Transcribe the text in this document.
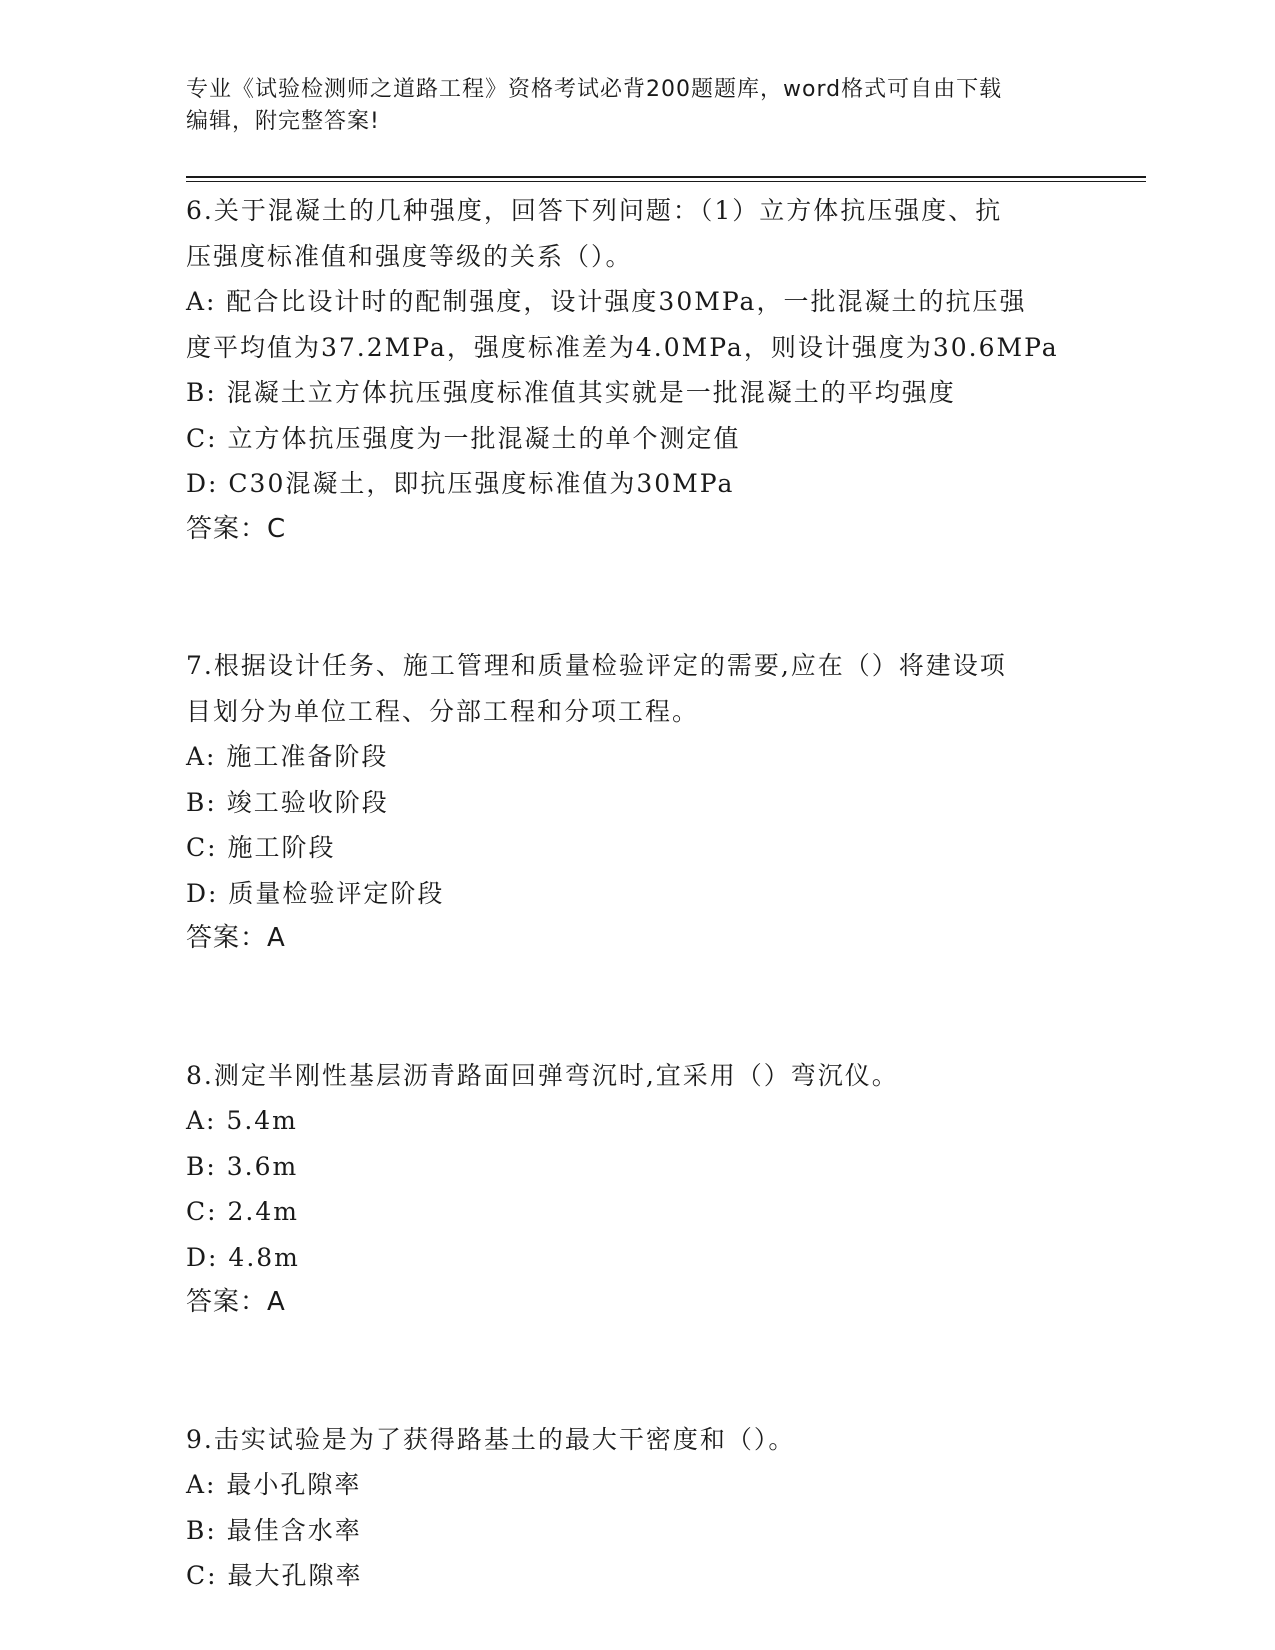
专业《试验检测师之道路工程》资格考试必背200题题库，word格式可自由下载
编辑，附完整答案!
6.关于混凝土的几种强度，回答下列问题：（1）立方体抗压强度、抗
压强度标准值和强度等级的关系（）。
A: 配合比设计时的配制强度，设计强度30MPa，一批混凝土的抗压强
度平均值为37.2MPa，强度标准差为4.0MPa，则设计强度为30.6MPa
B: 混凝土立方体抗压强度标准值其实就是一批混凝土的平均强度
C: 立方体抗压强度为一批混凝土的单个测定值
D: C30混凝土，即抗压强度标准值为30MPa
答案：C
7.根据设计任务、施工管理和质量检验评定的需要,应在（）将建设项
目划分为单位工程、分部工程和分项工程。
A: 施工准备阶段
B: 竣工验收阶段
C: 施工阶段
D: 质量检验评定阶段
答案：A
8.测定半刚性基层沥青路面回弹弯沉时,宜采用（）弯沉仪。
A: 5.4m
B: 3.6m
C: 2.4m
D: 4.8m
答案：A
9.击实试验是为了获得路基土的最大干密度和（）。
A: 最小孔隙率
B: 最佳含水率
C: 最大孔隙率
